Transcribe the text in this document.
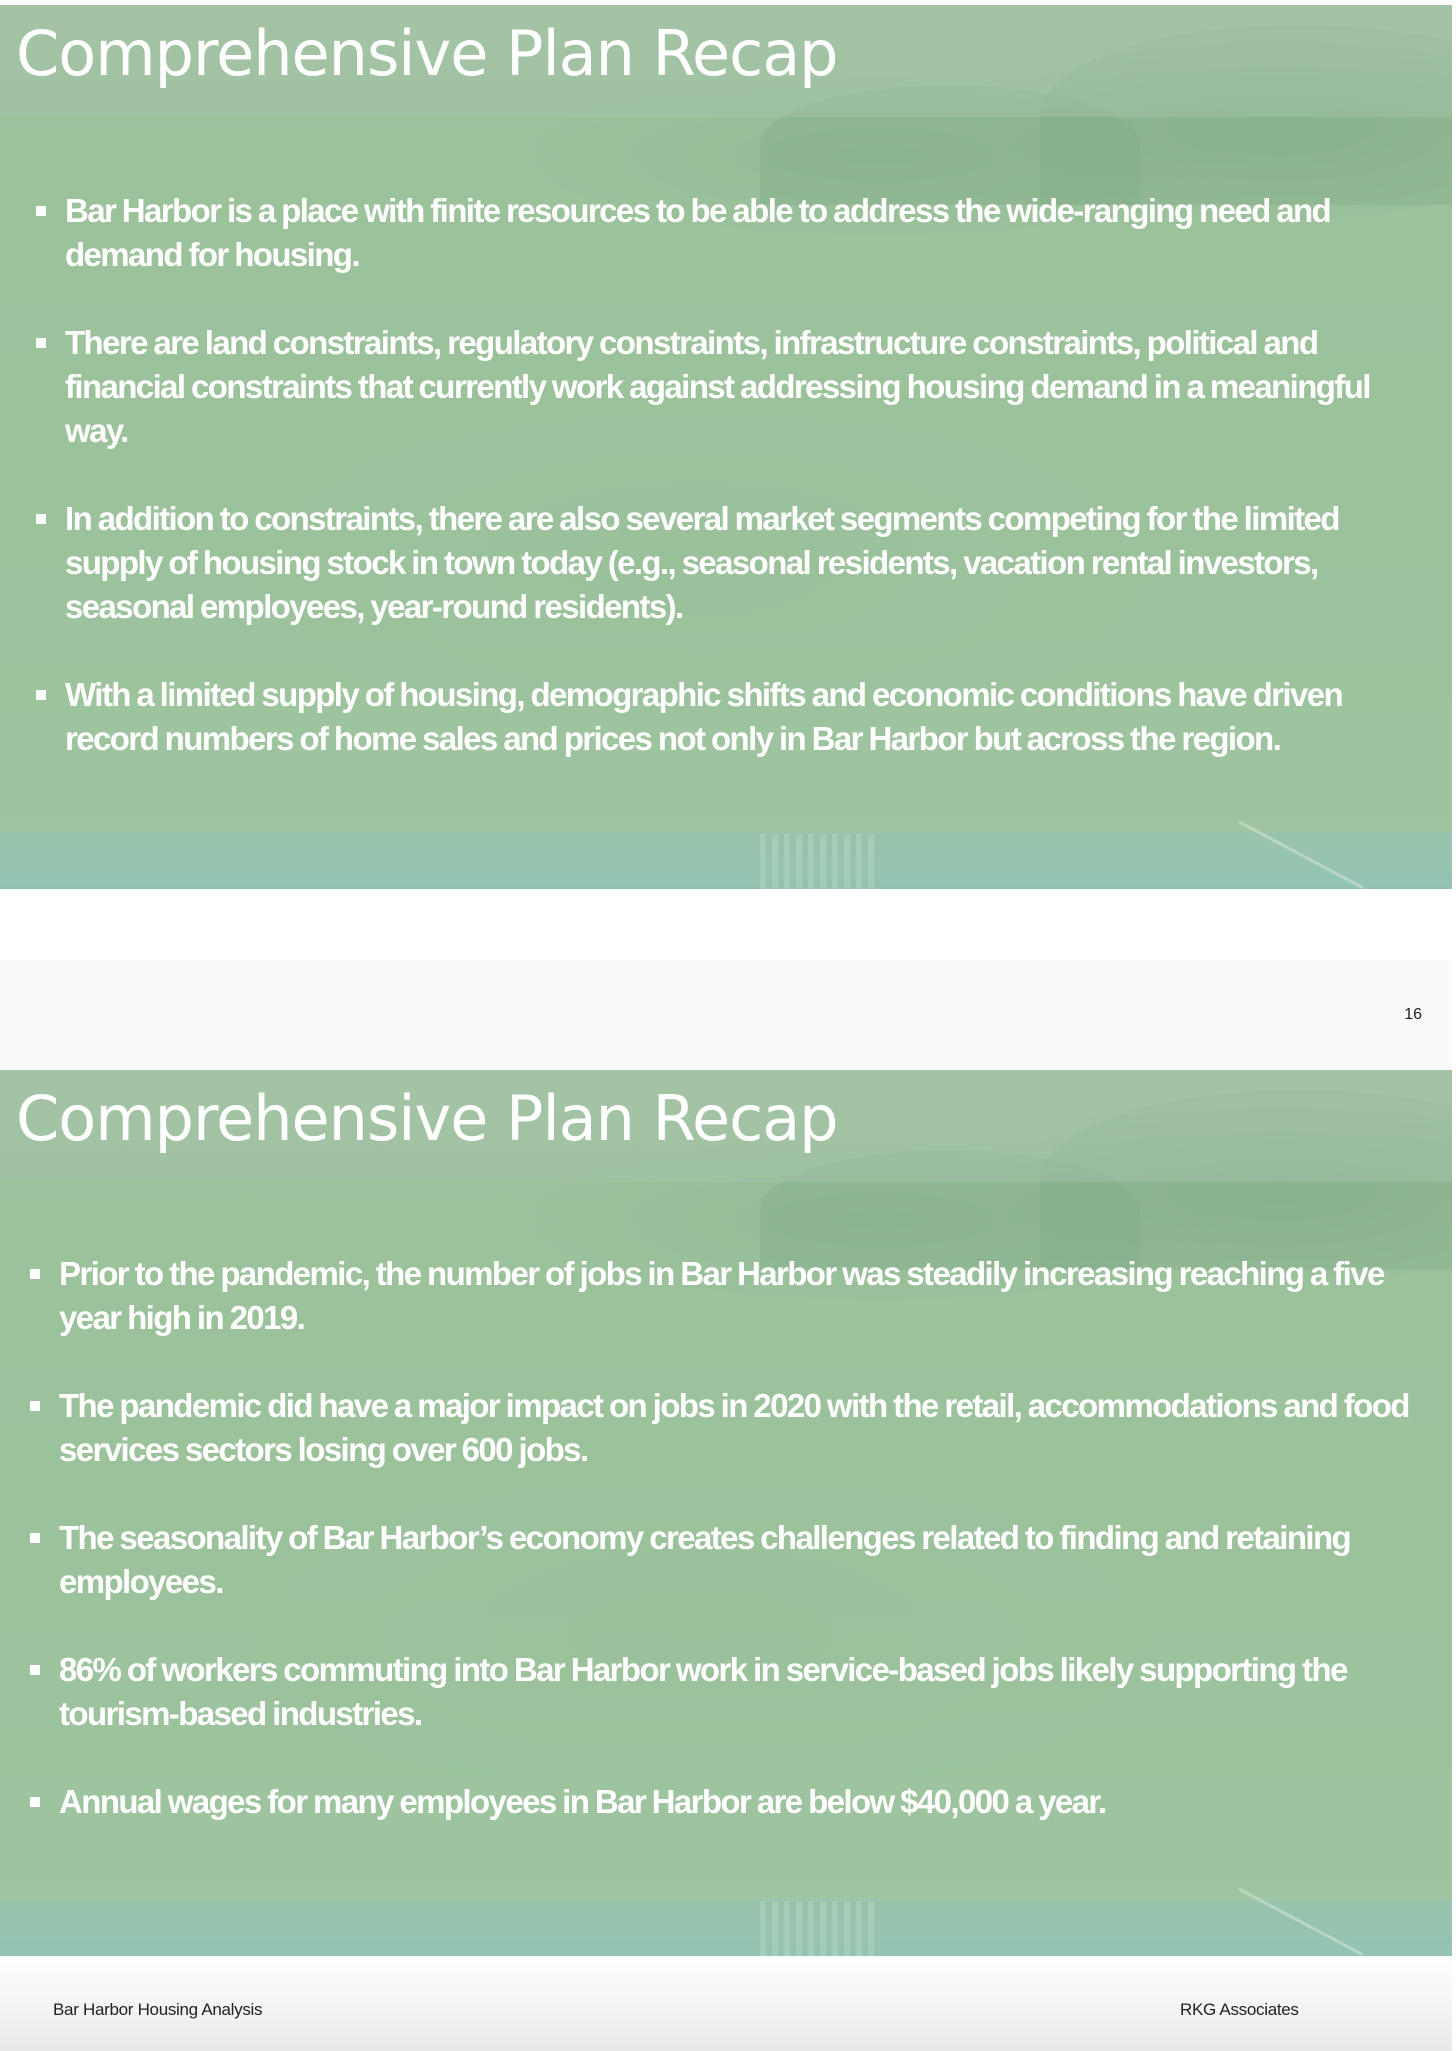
Comprehensive Plan Recap
Bar Harbor is a place with finite resources to be able to address the wide-ranging need and demand for housing.
There are land constraints, regulatory constraints, infrastructure constraints, political and financial constraints that currently work against addressing housing demand in a meaningful way.
In addition to constraints, there are also several market segments competing for the limited supply of housing stock in town today (e.g., seasonal residents, vacation rental investors, seasonal employees, year-round residents).
With a limited supply of housing, demographic shifts and economic conditions have driven record numbers of home sales and prices not only in Bar Harbor but across the region.
16
Comprehensive Plan Recap
Prior to the pandemic, the number of jobs in Bar Harbor was steadily increasing reaching a five year high in 2019.
The pandemic did have a major impact on jobs in 2020 with the retail, accommodations and food services sectors losing over 600 jobs.
The seasonality of Bar Harbor’s economy creates challenges related to finding and retaining employees.
86% of workers commuting into Bar Harbor work in service-based jobs likely supporting the tourism-based industries.
Annual wages for many employees in Bar Harbor are below $40,000 a year.
Bar Harbor Housing Analysis	RKG Associates
